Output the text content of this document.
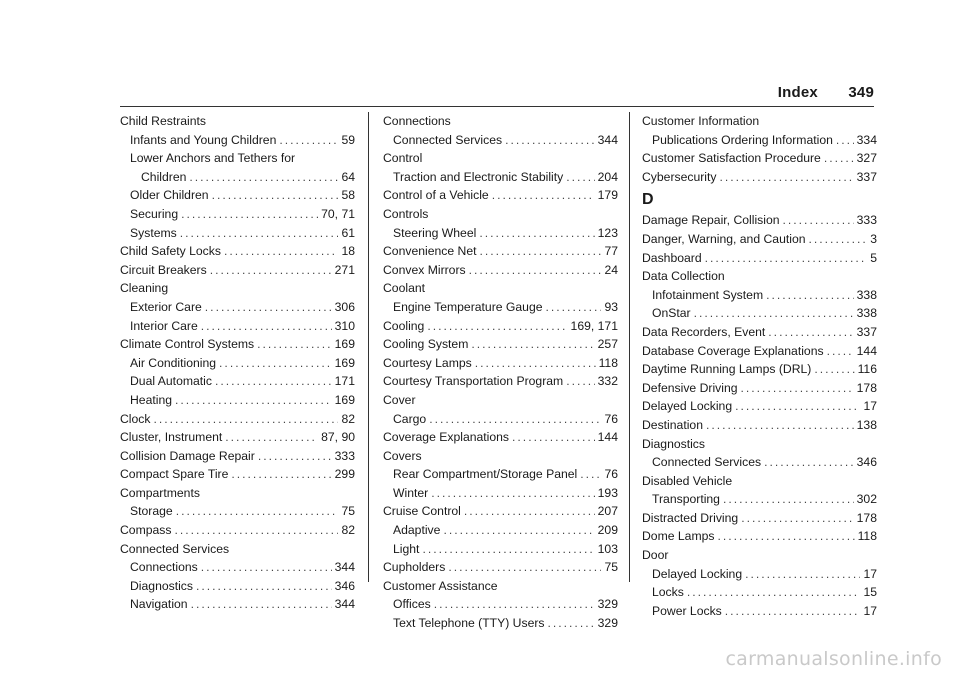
Index 349
Child Restraints
Infants and Young Children .....	59
Lower Anchors and Tethers for
Children .....	64
Older Children .....	58
Securing .....	70, 71
Systems .....	61
Child Safety Locks .....	18
Circuit Breakers .....	271
Cleaning
Exterior Care .....	306
Interior Care .....	310
Climate Control Systems .....	169
Air Conditioning .....	169
Dual Automatic .....	171
Heating .....	169
Clock .....	82
Cluster, Instrument .....	87, 90
Collision Damage Repair .....	333
Compact Spare Tire .....	299
Compartments
Storage .....	75
Compass .....	82
Connected Services
Connections .....	344
Diagnostics .....	346
Navigation .....	344
Connections
Connected Services .....	344
Control
Traction and Electronic Stability .....	204
Control of a Vehicle .....	179
Controls
Steering Wheel .....	123
Convenience Net .....	77
Convex Mirrors .....	24
Coolant
Engine Temperature Gauge .....	93
Cooling .....	169, 171
Cooling System .....	257
Courtesy Lamps .....	118
Courtesy Transportation Program .....	332
Cover
Cargo .....	76
Coverage Explanations .....	144
Covers
Rear Compartment/Storage Panel ..... 76
Winter .....	193
Cruise Control .....	207
Adaptive .....	209
Light .....	103
Cupholders .....	75
Customer Assistance
Offices .....	329
Text Telephone (TTY) Users .....	329
Customer Information
Publications Ordering Information ..... 334
Customer Satisfaction Procedure .....	327
Cybersecurity .....	337
D
Damage Repair, Collision .....	333
Danger, Warning, and Caution .....	3
Dashboard .....	5
Data Collection
Infotainment System .....	338
OnStar .....	338
Data Recorders, Event .....	337
Database Coverage Explanations .....	144
Daytime Running Lamps (DRL) .....	116
Defensive Driving .....	178
Delayed Locking .....	17
Destination .....	138
Diagnostics
Connected Services .....	346
Disabled Vehicle
Transporting .....	302
Distracted Driving .....	178
Dome Lamps .....	118
Door
Delayed Locking .....	17
Locks .....	15
Power Locks .....	17
carmanualsonline.info
